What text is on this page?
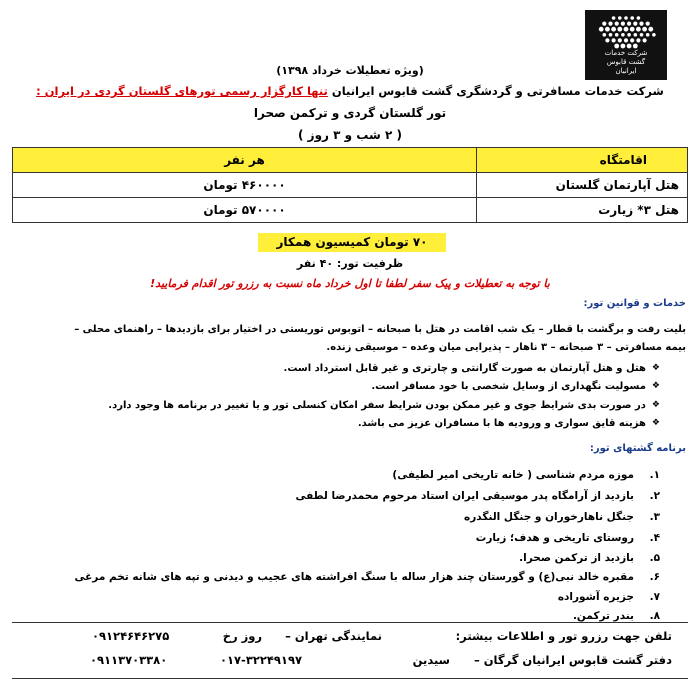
شرکت خدمات
گشت قابوس
ایرانیان
(ویژه تعطیلات خرداد ۱۳۹۸)
شرکت خدمات مسافرتی و گردشگری گشت قابوس ایرانیان تنها کارگزار رسمی تورهای گلستان گردی در ایران :
تور گلستان گردی و ترکمن صحرا
( ۲ شب و ۳ روز )
اقامتگاه	هر نفر
هتل آپارتمان گلستان	۴۶۰۰۰۰ تومان
هتل ۳* زیارت	۵۷۰۰۰۰ تومان
۷۰ تومان کمیسیون همکار
ظرفیت تور: ۴۰ نفر
با توجه به تعطیلات و پیک سفر لطفا تا اول خرداد ماه نسبت به رزرو تور اقدام فرمایید!
خدمات و قوانین تور:
بلیت رفت و برگشت با قطار – یک شب اقامت در هتل با صبحانه – اتوبوس توریستی در اختیار برای بازدیدها – راهنمای محلی –
بیمه مسافرتی – ۳ صبحانه – ۳ ناهار – پذیرایی میان وعده – موسیقی زنده.
❖
هتل و هتل آپارتمان به صورت گارانتی و چارتری و غیر قابل استرداد است.
❖
مسولیت نگهداری از وسایل شخصی با خود مسافر است.
❖
در صورت بدی شرایط جوی و غیر ممکن بودن شرایط سفر امکان کنسلی تور و یا تغییر در برنامه ها وجود دارد.
❖
هزینه قایق سواری و ورودیه ها با مسافران عزیز می باشد.
برنامه گشتهای تور:
۱.
موزه مردم شناسی ( خانه تاریخی امیر لطیفی)
۲.
بازدید از آرامگاه پدر موسیقی ایران استاد مرحوم محمدرضا لطفی
۳.
جنگل ناهارخوران و جنگل النگدره
۴.
روستای تاریخی و هدف؛ زیارت
۵.
بازدید از ترکمن صحرا.
۶.
مقبره خالد نبی(ع) و گورستان چند هزار ساله با سنگ افراشته های عجیب و دیدنی و تپه های شانه تخم مرغی
۷.
جزیره آشوراده
۸.
بندر ترکمن.
تلفن جهت رزرو تور و اطلاعات بیشتر:
نمایندگی تهران –
روز رخ
۰۹۱۲۴۶۴۶۲۷۵
دفتر گشت قابوس ایرانیان گرگان –
سیدین
۰۱۷-۳۲۲۴۹۱۹۷
۰۹۱۱۳۷۰۳۳۸۰
